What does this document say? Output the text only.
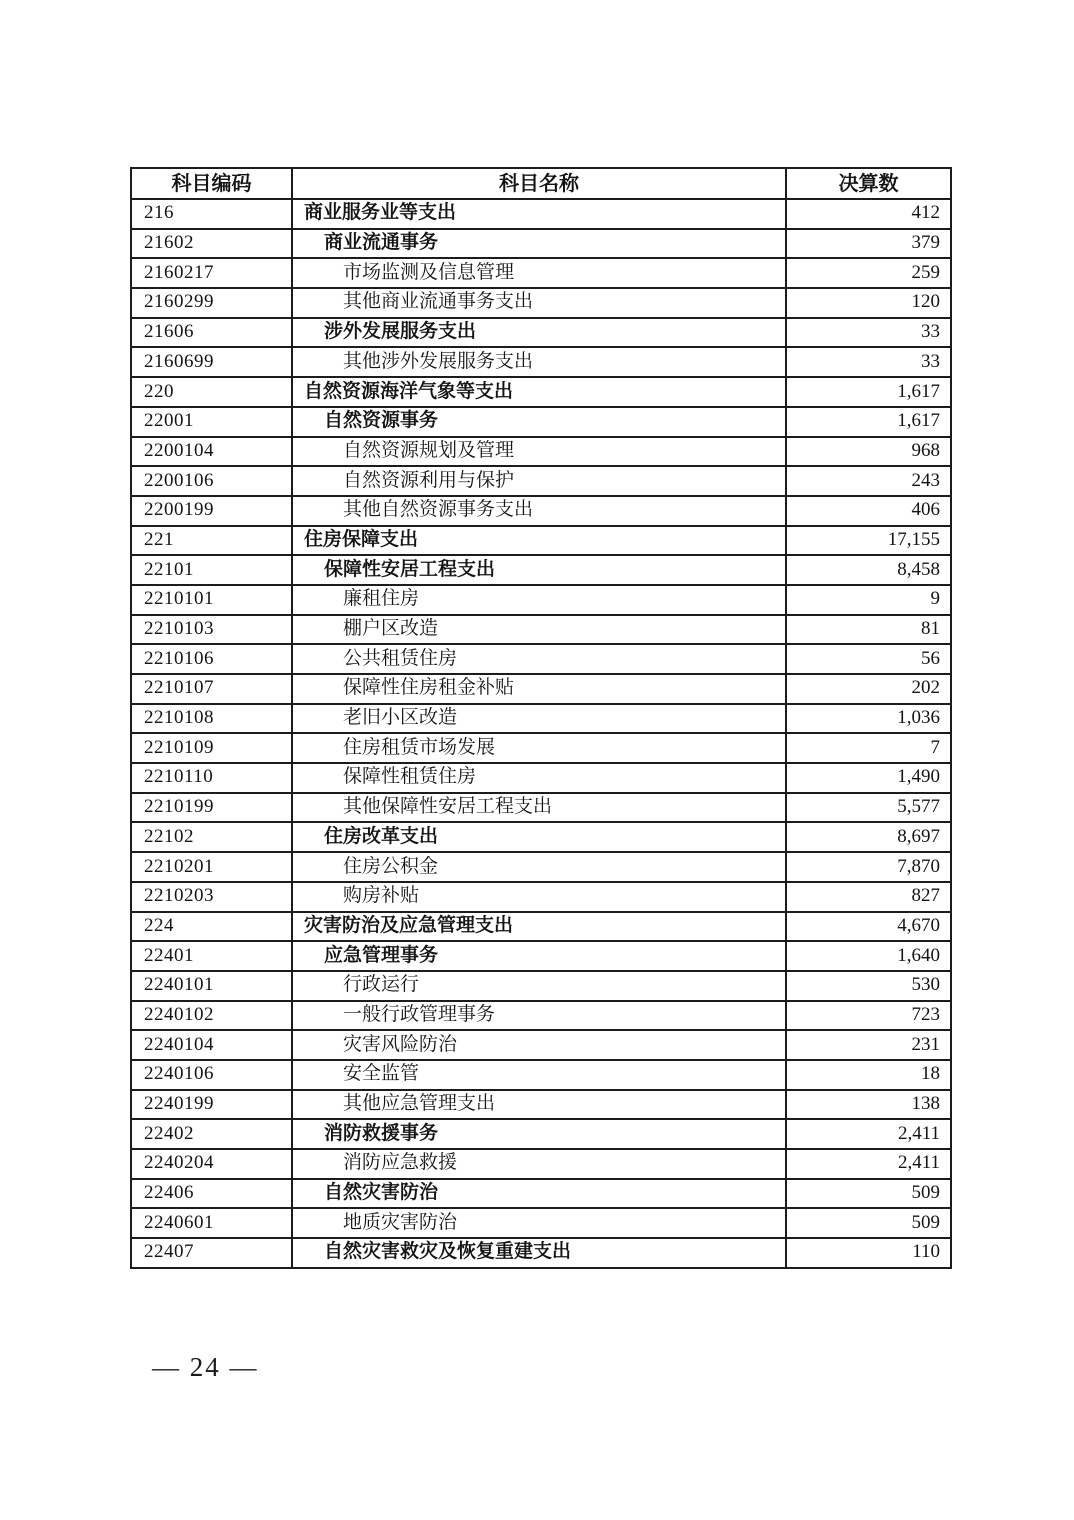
科目编码	科目名称	决算数
216	商业服务业等支出	412
21602	商业流通事务	379
2160217	市场监测及信息管理	259
2160299	其他商业流通事务支出	120
21606	涉外发展服务支出	33
2160699	其他涉外发展服务支出	33
220	自然资源海洋气象等支出	1,617
22001	自然资源事务	1,617
2200104	自然资源规划及管理	968
2200106	自然资源利用与保护	243
2200199	其他自然资源事务支出	406
221	住房保障支出	17,155
22101	保障性安居工程支出	8,458
2210101	廉租住房	9
2210103	棚户区改造	81
2210106	公共租赁住房	56
2210107	保障性住房租金补贴	202
2210108	老旧小区改造	1,036
2210109	住房租赁市场发展	7
2210110	保障性租赁住房	1,490
2210199	其他保障性安居工程支出	5,577
22102	住房改革支出	8,697
2210201	住房公积金	7,870
2210203	购房补贴	827
224	灾害防治及应急管理支出	4,670
22401	应急管理事务	1,640
2240101	行政运行	530
2240102	一般行政管理事务	723
2240104	灾害风险防治	231
2240106	安全监管	18
2240199	其他应急管理支出	138
22402	消防救援事务	2,411
2240204	消防应急救援	2,411
22406	自然灾害防治	509
2240601	地质灾害防治	509
22407	自然灾害救灾及恢复重建支出	110
— 24 —
